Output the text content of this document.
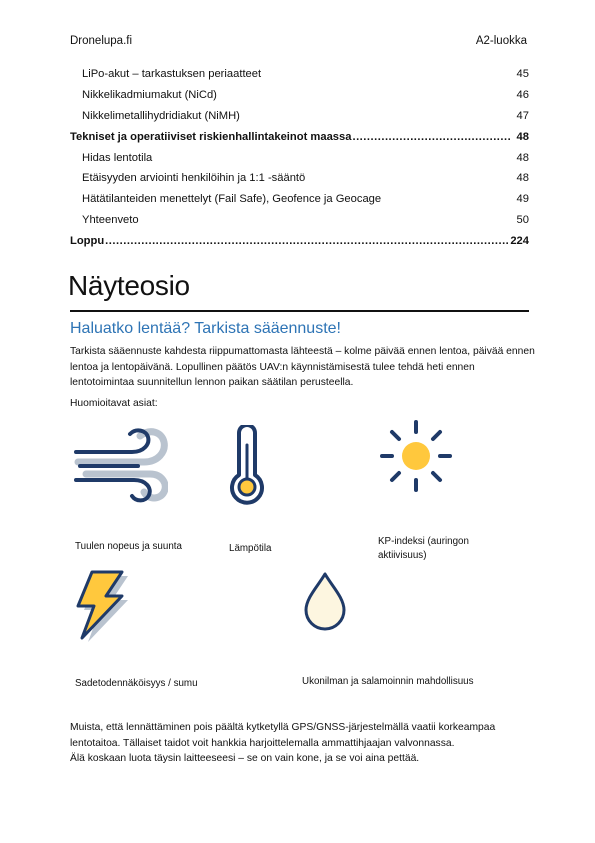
Dronelupa.fi	A2-luokka
LiPo-akut – tarkastuksen periaatteet	45
Nikkelikadmiumakut (NiCd)	46
Nikkelimetallihydridiakut (NiMH)	47
Tekniset ja operatiiviset riskienhallintakeinot maassa .....	48
Hidas lentotila	48
Etäisyyden arviointi henkilöihin ja 1:1 -sääntö	48
Hätätilanteiden menettelyt (Fail Safe), Geofence ja Geocage	49
Yhteenveto	50
Loppu .....	224
Näyteosio
Haluatko lentää? Tarkista sääennuste!
Tarkista sääennuste kahdesta riippumattomasta lähteestä – kolme päivää ennen lentoa, päivää ennen
lentoa ja lentopäivänä. Lopullinen päätös UAV:n käynnistämisestä tulee tehdä heti ennen
lentotoimintaa suunnitellun lennon paikan säätilan perusteella.
Huomioitavat asiat:
Tuulen nopeus ja suunta	Lämpötila
KP-indeksi (auringon aktiivisuus)
Sadetodennäköisyys / sumu	Ukonilman ja salamoinnin mahdollisuus
Muista, että lennättäminen pois päältä kytketyllä GPS/GNSS-järjestelmällä vaatii korkeampaa
lentotaitoa. Tällaiset taidot voit hankkia harjoittelemalla ammattihjaajan valvonnassa.
Älä koskaan luota täysin laitteeseesi – se on vain kone, ja se voi aina pettää.
